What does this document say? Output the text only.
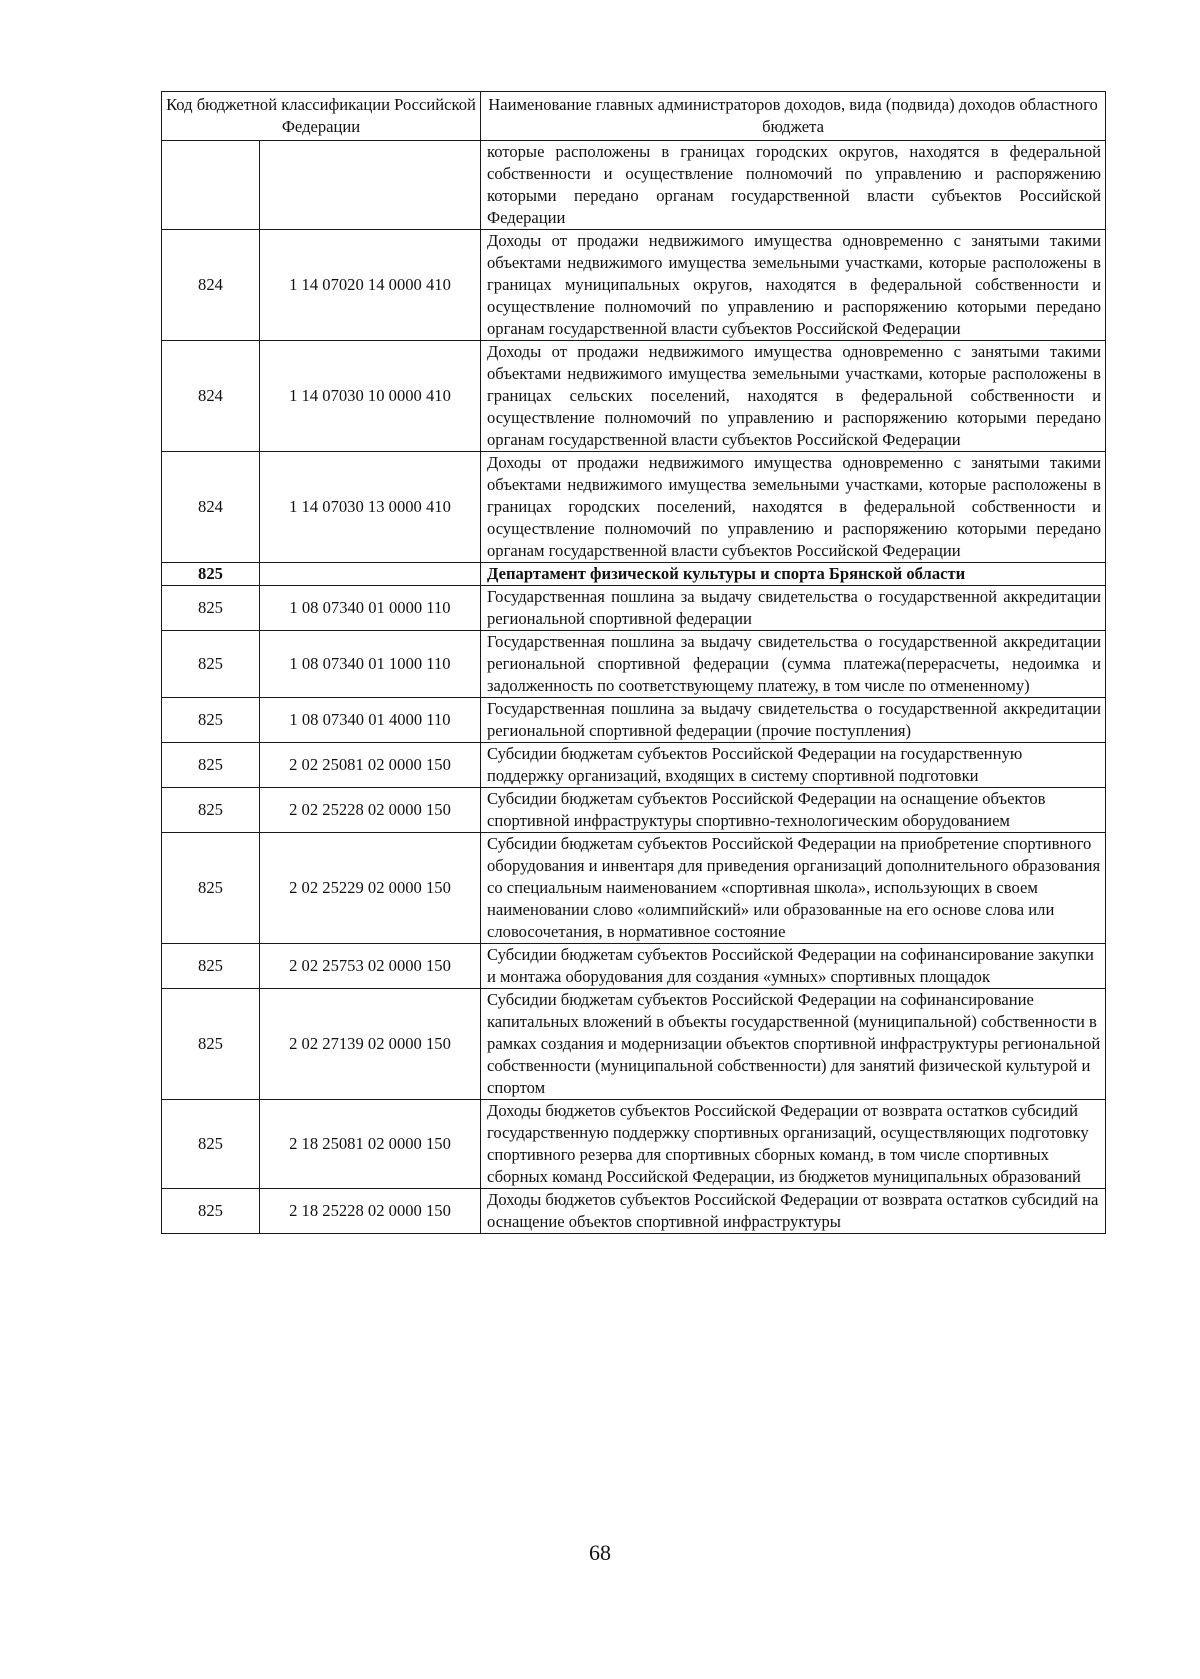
Код бюджетной классификации Российской Федерации		Наименование главных администраторов доходов, вида (подвида) доходов областного бюджета
		которые расположены в границах городских округов, находятся в федеральной собственности и осуществление полномочий по управлению и распоряжению которыми передано органам государственной власти субъектов Российской Федерации
824	1 14 07020 14 0000 410	Доходы от продажи недвижимого имущества одновременно с занятыми такими объектами недвижимого имущества земельными участками, которые расположены в границах муниципальных округов, находятся в федеральной собственности и осуществление полномочий по управлению и распоряжению которыми передано органам государственной власти субъектов Российской Федерации
824	1 14 07030 10 0000 410	Доходы от продажи недвижимого имущества одновременно с занятыми такими объектами недвижимого имущества земельными участками, которые расположены в границах сельских поселений, находятся в федеральной собственности и осуществление полномочий по управлению и распоряжению которыми передано органам государственной власти субъектов Российской Федерации
824	1 14 07030 13 0000 410	Доходы от продажи недвижимого имущества одновременно с занятыми такими объектами недвижимого имущества земельными участками, которые расположены в границах городских поселений, находятся в федеральной собственности и осуществление полномочий по управлению и распоряжению которыми передано органам государственной власти субъектов Российской Федерации
825		Департамент физической культуры и спорта Брянской области
825	1 08 07340 01 0000 110	Государственная пошлина за выдачу свидетельства о государственной аккредитации региональной спортивной федерации
825	1 08 07340 01 1000 110	Государственная пошлина за выдачу свидетельства о государственной аккредитации региональной спортивной федерации (сумма платежа(перерасчеты, недоимка и задолженность по соответствующему платежу, в том числе по отмененному)
825	1 08 07340 01 4000 110	Государственная пошлина за выдачу свидетельства о государственной аккредитации региональной спортивной федерации (прочие поступления)
825	2 02 25081 02 0000 150	Субсидии бюджетам субъектов Российской Федерации на государственную поддержку организаций, входящих в систему спортивной подготовки
825	2 02 25228 02 0000 150	Субсидии бюджетам субъектов Российской Федерации на оснащение объектов спортивной инфраструктуры спортивно-технологическим оборудованием
825	2 02 25229 02 0000 150	Субсидии бюджетам субъектов Российской Федерации на приобретение спортивного оборудования и инвентаря для приведения организаций дополнительного образования со специальным наименованием «спортивная школа», использующих в своем наименовании слово «олимпийский» или образованные на его основе слова или словосочетания, в нормативное состояние
825	2 02 25753 02 0000 150	Субсидии бюджетам субъектов Российской Федерации на софинансирование закупки и монтажа оборудования для создания «умных» спортивных площадок
825	2 02 27139 02 0000 150	Субсидии бюджетам субъектов Российской Федерации на софинансирование капитальных вложений в объекты государственной (муниципальной) собственности в рамках создания и модернизации объектов спортивной инфраструктуры региональной собственности (муниципальной собственности) для занятий физической культурой и спортом
825	2 18 25081 02 0000 150	Доходы бюджетов субъектов Российской Федерации от возврата остатков субсидий государственную поддержку спортивных организаций, осуществляющих подготовку спортивного резерва для спортивных сборных команд, в том числе спортивных сборных команд Российской Федерации, из бюджетов муниципальных образований
825	2 18 25228 02 0000 150	Доходы бюджетов субъектов Российской Федерации от возврата остатков субсидий на оснащение объектов спортивной инфраструктуры
68
